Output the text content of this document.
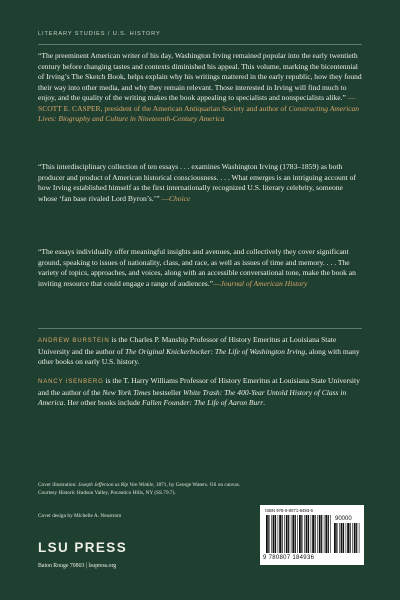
LITERARY STUDIES / U.S. HISTORY
“The preeminent American writer of his day, Washington Irving remained popular into the early twentieth century before changing tastes and contexts diminished his appeal. This volume, marking the bicentennial of Irving’s The Sketch Book, helps explain why his writings mattered in the early republic, how they found their way into other media, and why they remain relevant. Those interested in Irving will find much to enjoy, and the quality of the writing makes the book appealing to specialists and nonspecialists alike.” —SCOTT E. CASPER, president of the American Antiquarian Society and author of Constructing American Lives: Biography and Culture in Nineteenth-Century America
“This interdisciplinary collection of ten essays . . . examines Washington Irving (1783–1859) as both producer and product of American historical consciousness. . . . What emerges is an intriguing account of how Irving established himself as the first internationally recognized U.S. literary celebrity, someone whose ‘fan base rivaled Lord Byron’s.’” —Choice
“The essays individually offer meaningful insights and avenues, and collectively they cover significant ground, speaking to issues of nationality, class, and race, as well as issues of time and memory. . . . The variety of topics, approaches, and voices, along with an accessible conversational tone, make the book an inviting resource that could engage a range of audiences.”—Journal of American History
ANDREW BURSTEIN is the Charles P. Manship Professor of History Emeritus at Louisiana State University and the author of The Original Knickerbocker: The Life of Washington Irving, along with many other books on early U.S. history.
NANCY ISENBERG is the T. Harry Williams Professor of History Emeritus at Louisiana State University and the author of the New York Times bestseller White Trash: The 400-Year Untold History of Class in America. Her other books include Fallen Founder: The Life of Aaron Burr.
Cover illustration: Joseph Jefferson as Rip Van Winkle, 1871, by George Waters. Oil on canvas.
Courtesy Historic Hudson Valley, Pocantico Hills, NY (SS.79.7).
Cover design by Michelle A. Neustrom
LSU PRESS
Baton Rouge 70803 | lsupress.org
ISBN 978-0-8071-8493-6
90000
9 780807 184936
